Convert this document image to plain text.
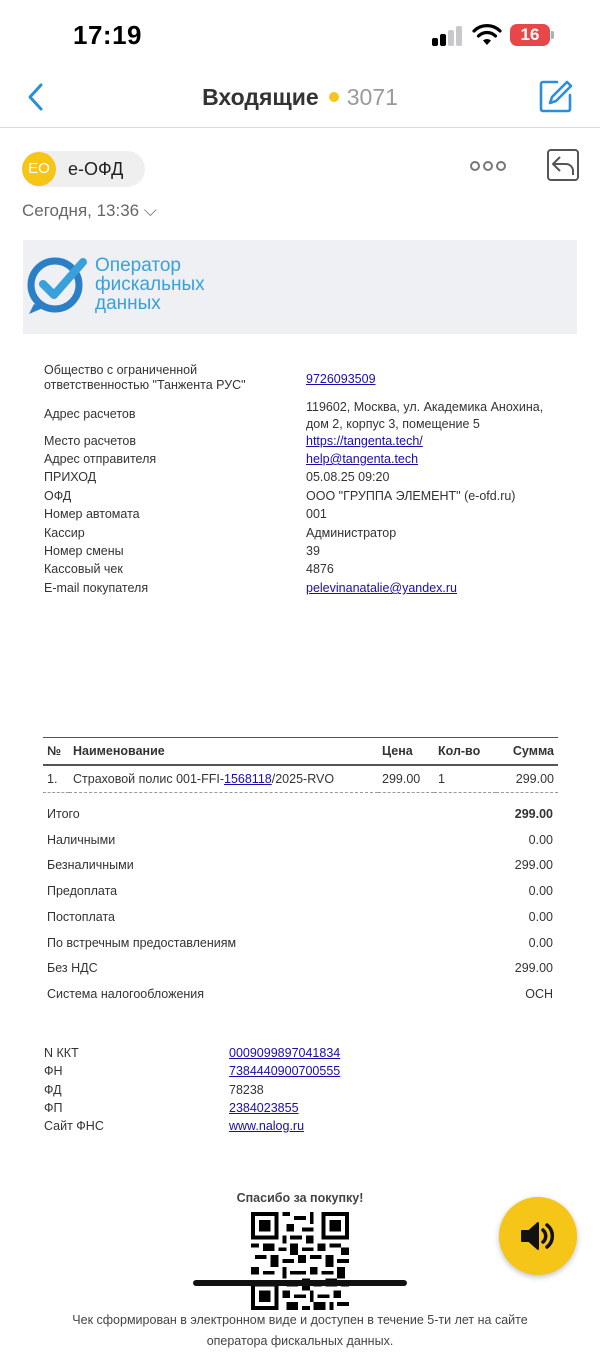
17:19	16
Входящие 3071
EO	е-ОФД
Сегодня, 13:36 ⌵
Оператор
фискальных
данных
Общество с ограниченной ответственностью "Танжента РУС"	9726093509
Адрес расчетов	119602, Москва, ул. Академика Анохина, дом 2, корпус 3, помещение 5
Место расчетов	https://tangenta.tech/
Адрес отправителя	help@tangenta.tech
ПРИХОД	05.08.25 09:20
ОФД	ООО "ГРУППА ЭЛЕМЕНТ" (e-ofd.ru)
Номер автомата	001
Кассир	Администратор
Номер смены	39
Кассовый чек	4876
E-mail покупателя	pelevinanatalie@yandex.ru
№	Наименование	Цена	Кол-во	Сумма
1.	Страховой полис 001-FFI-1568118/2025-RVO	299.00	1	299.00
Итого	299.00
Наличными	0.00
Безналичными	299.00
Предоплата	0.00
Постоплата	0.00
По встречным предоставлениям	0.00
Без НДС	299.00
Система налогообложения	ОСН
N ККТ	0009099897041834
ФН	7384440900700555
ФД	78238
ФП	2384023855
Сайт ФНС	www.nalog.ru
Спасибо за покупку!
Чек сформирован в электронном виде и доступен в течение 5-ти лет на сайте оператора фискальных данных.
